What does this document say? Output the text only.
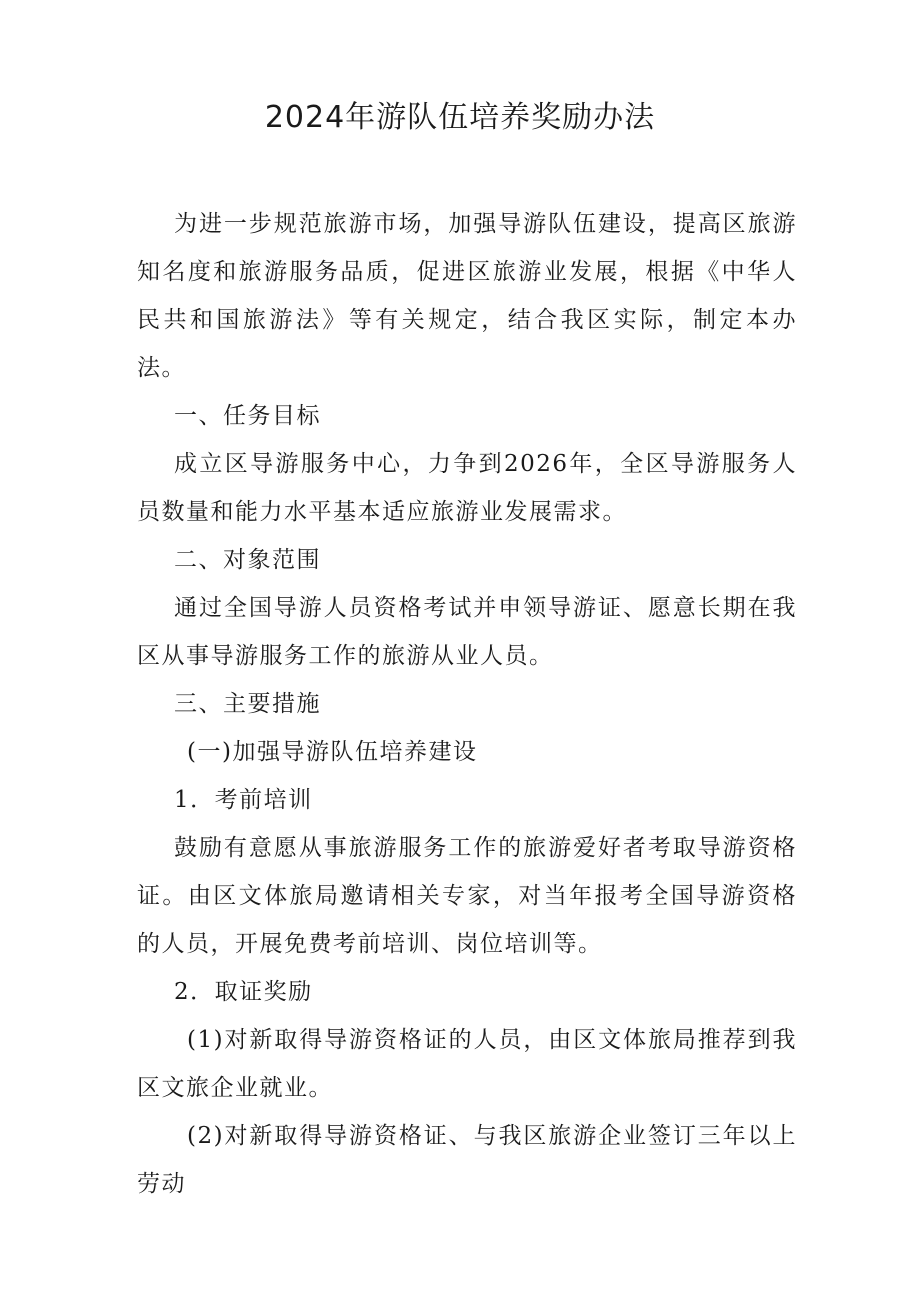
2024年游队伍培养奖励办法

为进一步规范旅游市场，加强导游队伍建设，提高区旅游知名度和旅游服务品质，促进区旅游业发展，根据《中华人民共和国旅游法》等有关规定，结合我区实际，制定本办法。

一、任务目标

成立区导游服务中心，力争到2026年，全区导游服务人员数量和能力水平基本适应旅游业发展需求。

二、对象范围

通过全国导游人员资格考试并申领导游证、愿意长期在我区从事导游服务工作的旅游从业人员。

三、主要措施

(一)加强导游队伍培养建设

1．考前培训

鼓励有意愿从事旅游服务工作的旅游爱好者考取导游资格证。由区文体旅局邀请相关专家，对当年报考全国导游资格的人员，开展免费考前培训、岗位培训等。

2．取证奖励

(1)对新取得导游资格证的人员，由区文体旅局推荐到我区文旅企业就业。

(2)对新取得导游资格证、与我区旅游企业签订三年以上劳动
